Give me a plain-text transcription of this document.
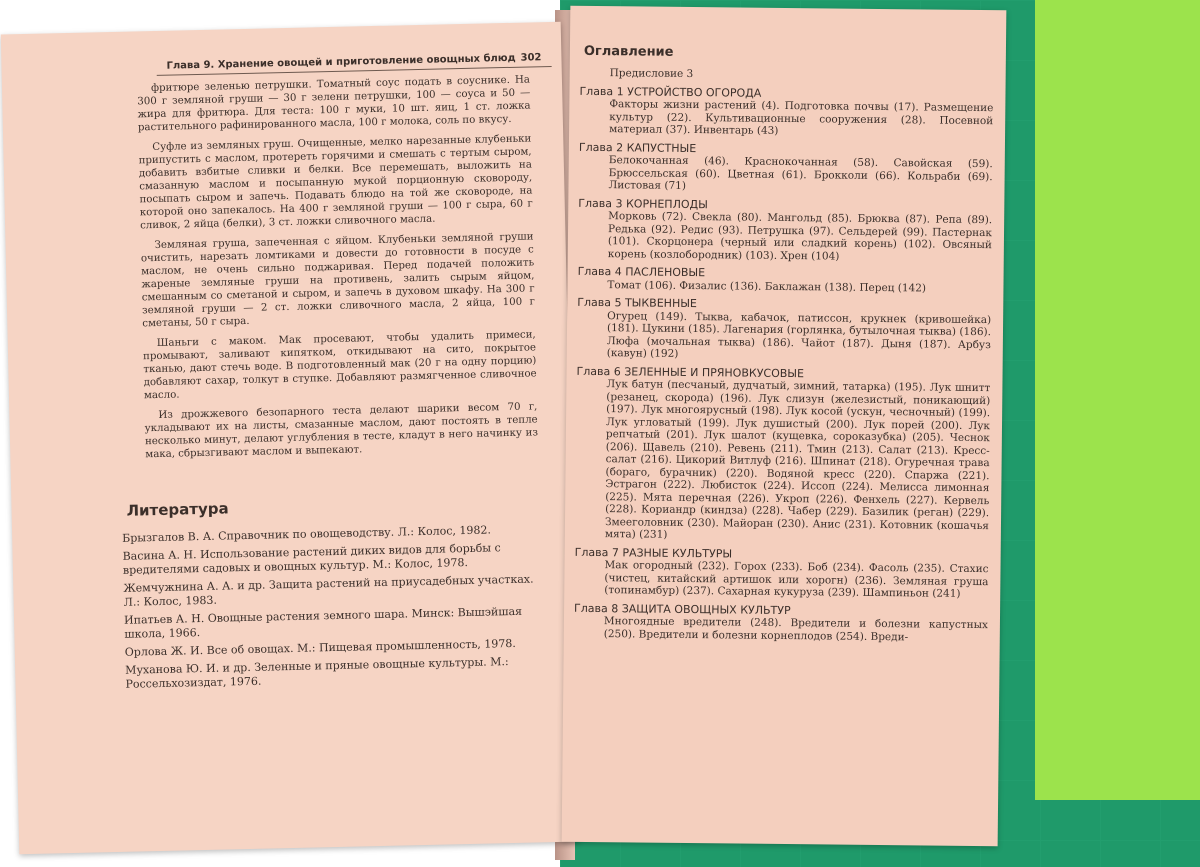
Глава 9. Хранение овощей и приготовление овощных блюд 302

фритюре зеленью петрушки. Томатный соус подать в соуснике. На 300 г земляной груши — 30 г зелени петрушки, 100 — соуса и 50 — жира для фритюра. Для теста: 100 г муки, 10 шт. яиц, 1 ст. ложка растительного рафинированного масла, 100 г молока, соль по вкусу.

Суфле из земляных груш. Очищенные, мелко нарезанные клубеньки припустить с маслом, протереть горячими и смешать с тертым сыром, добавить взбитые сливки и белки. Все перемешать, выложить на смазанную маслом и посыпанную мукой порционную сковороду, посыпать сыром и запечь. Подавать блюдо на той же сковороде, на которой оно запекалось. На 400 г земляной груши — 100 г сыра, 60 г сливок, 2 яйца (белки), 3 ст. ложки сливочного масла.

Земляная груша, запеченная с яйцом. Клубеньки земляной груши очистить, нарезать ломтиками и довести до готовности в посуде с маслом, не очень сильно поджаривая. Перед подачей положить жареные земляные груши на противень, залить сырым яйцом, смешанным со сметаной и сыром, и запечь в духовом шкафу. На 300 г земляной груши — 2 ст. ложки сливочного масла, 2 яйца, 100 г сметаны, 50 г сыра.

Шаньги с маком. Мак просевают, чтобы удалить примеси, промывают, заливают кипятком, откидывают на сито, покрытое тканью, дают стечь воде. В подготовленный мак (20 г на одну порцию) добавляют сахар, толкут в ступке. Добавляют размягченное сливочное масло.

Из дрожжевого безопарного теста делают шарики весом 70 г, укладывают их на листы, смазанные маслом, дают постоять в тепле несколько минут, делают углубления в тесте, кладут в него начинку из мака, сбрызгивают маслом и выпекают.

Литература
Брызгалов В. А. Справочник по овощеводству. Л.: Колос, 1982.
Васина А. Н. Использование растений диких видов для борьбы с вредителями садовых и овощных культур. М.: Колос, 1978.
Жемчужнина А. А. и др. Защита растений на приусадебных участках. Л.: Колос, 1983.
Ипатьев А. Н. Овощные растения земного шара. Минск: Вышэйшая школа, 1966.
Орлова Ж. И. Все об овощах. М.: Пищевая промышленность, 1978.
Муханова Ю. И. и др. Зеленные и пряные овощные культуры. М.: Россельхозиздат, 1976.
Оглавление
Предисловие 3
Глава 1 УСТРОЙСТВО ОГОРОДА
Факторы жизни растений (4). Подготовка почвы (17). Размещение культур (22). Культивационные сооружения (28). Посевной материал (37). Инвентарь (43)
Глава 2 КАПУСТНЫЕ
Белокочанная (46). Краснокочанная (58). Савойская (59). Брюссельская (60). Цветная (61). Брокколи (66). Кольраби (69). Листовая (71)
Глава 3 КОРНЕПЛОДЫ
Морковь (72). Свекла (80). Мангольд (85). Брюква (87). Репа (89). Редька (92). Редис (93). Петрушка (97). Сельдерей (99). Пастернак (101). Скорцонера (черный или сладкий корень) (102). Овсяный корень (козлобородник) (103). Хрен (104)
Глава 4 ПАСЛЕНОВЫЕ
Томат (106). Физалис (136). Баклажан (138). Перец (142)
Глава 5 ТЫКВЕННЫЕ
Огурец (149). Тыква, кабачок, патиссон, крукнек (кривошейка) (181). Цукини (185). Лагенария (горлянка, бутылочная тыква) (186). Люфа (мочальная тыква) (186). Чайот (187). Дыня (187). Арбуз (кавун) (192)
Глава 6 ЗЕЛЕННЫЕ И ПРЯНОВКУСОВЫЕ
Лук батун (песчаный, дудчатый, зимний, татарка) (195). Лук шнитт (резанец, скорода) (196). Лук слизун (железистый, поникающий) (197). Лук многоярусный (198). Лук косой (ускун, чесночный) (199). Лук угловатый (199). Лук душистый (200). Лук порей (200). Лук репчатый (201). Лук шалот (кущевка, сороказубка) (205). Чеснок (206). Щавель (210). Ревень (211). Тмин (213). Салат (213). Кресс-салат (216). Цикорий Витлуф (216). Шпинат (218). Огуречная трава (бораго, бурачник) (220). Водяной кресс (220). Спаржа (221). Эстрагон (222). Любисток (224). Иссоп (224). Мелисса лимонная (225). Мята перечная (226). Укроп (226). Фенхель (227). Кервель (228). Кориандр (киндза) (228). Чабер (229). Базилик (реган) (229). Змееголовник (230). Майоран (230). Анис (231). Котовник (кошачья мята) (231)
Глава 7 РАЗНЫЕ КУЛЬТУРЫ
Мак огородный (232). Горох (233). Боб (234). Фасоль (235). Стахис (чистец, китайский артишок или хорогн) (236). Земляная груша (топинамбур) (237). Сахарная кукуруза (239). Шампиньон (241)
Глава 8 ЗАЩИТА ОВОЩНЫХ КУЛЬТУР
Многоядные вредители (248). Вредители и болезни капустных (250). Вредители и болезни корнеплодов (254). Вреди-
